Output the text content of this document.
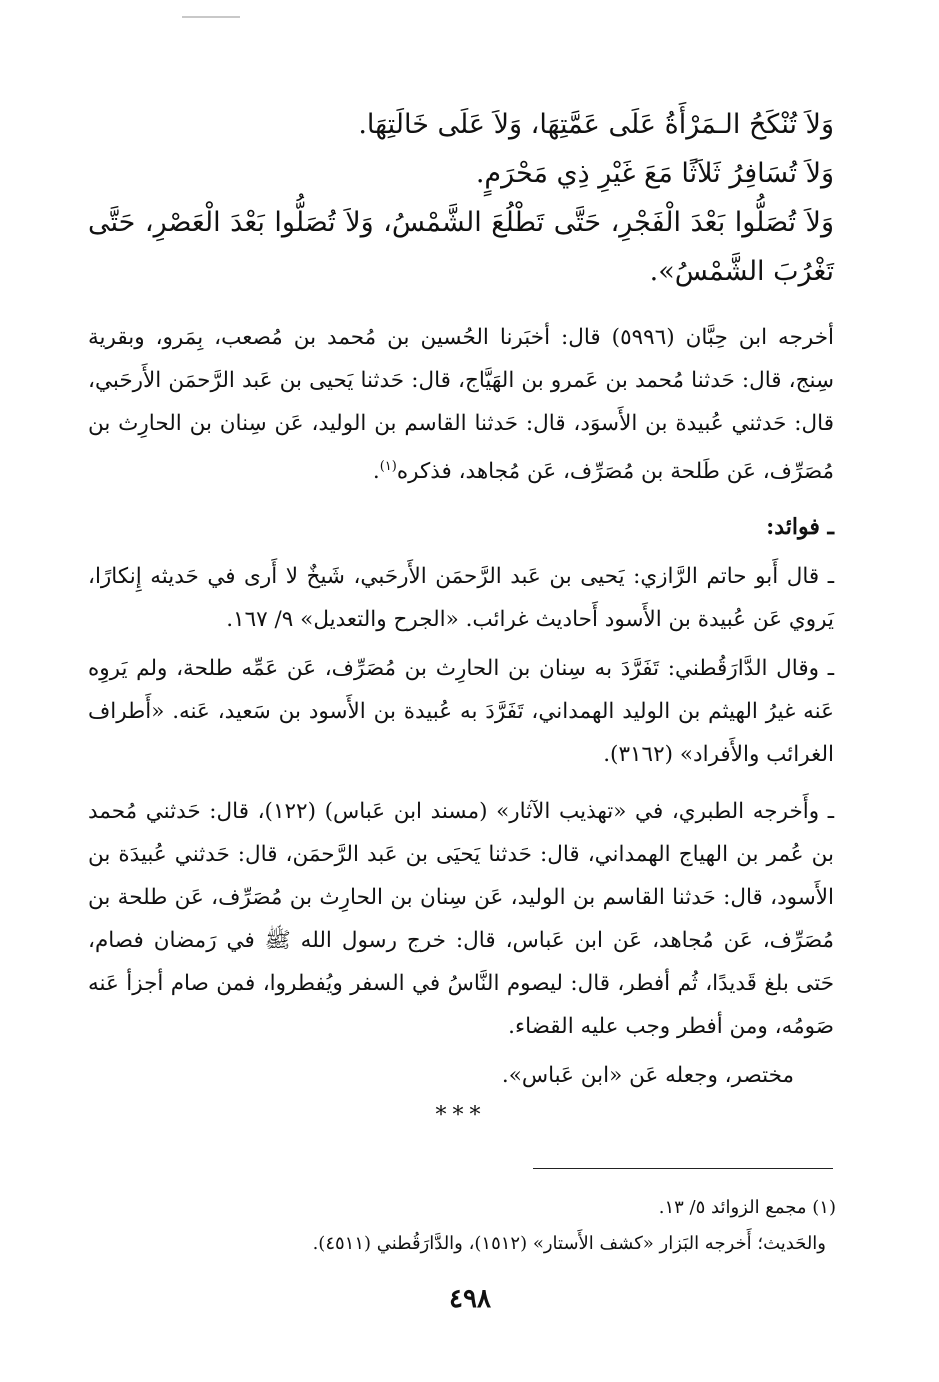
وَلاَ تُنْكَحُ الـمَرْأَةُ عَلَى عَمَّتِهَا، وَلاَ عَلَى خَالَتِهَا.

وَلاَ تُسَافِرُ ثَلاَثًا مَعَ غَيْرِ ذِي مَحْرَمٍ.

وَلاَ تُصَلُّوا بَعْدَ الْفَجْرِ، حَتَّى تَطْلُعَ الشَّمْسُ، وَلاَ تُصَلُّوا بَعْدَ الْعَصْرِ، حَتَّى تَغْرُبَ الشَّمْسُ».

أخرجه ابن حِبَّان (٥٩٩٦) قال: أخبَرنا الحُسين بن مُحمد بن مُصعب، بِمَرو، وبقرية سِنج، قال: حَدثنا مُحمد بن عَمرو بن الهَيَّاج، قال: حَدثنا يَحيى بن عَبد الرَّحمَن الأَرحَبي، قال: حَدثني عُبيدة بن الأَسوَد، قال: حَدثنا القاسم بن الوليد، عَن سِنان بن الحارِث بن مُصَرِّف، عَن طَلحة بن مُصَرِّف، عَن مُجاهد، فذكره$^{(١)}$.

ـ فوائد:

ـ قال أَبو حاتم الرَّازي: يَحيى بن عَبد الرَّحمَن الأَرحَبي، شَيخٌ لا أَرى في حَديثه إِنكارًا، يَروي عَن عُبيدة بن الأَسود أَحاديث غرائب. «الجرح والتعديل» ٩/ ١٦٧.

ـ وقال الدَّارَقُطني: تَفَرَّدَ به سِنان بن الحارِث بن مُصَرِّف، عَن عَمِّه طلحة، ولم يَروِه عَنه غيرُ الهيثم بن الوليد الهمداني، تَفَرَّدَ به عُبيدة بن الأَسود بن سَعيد، عَنه. «أَطراف الغرائب والأَفراد» (٣١٦٢).

ـ وأَخرجه الطبري، في «تهذيب الآثار» (مسند ابن عَباس) (١٢٢)، قال: حَدثني مُحمد بن عُمر بن الهياج الهمداني، قال: حَدثنا يَحيَى بن عَبد الرَّحمَن، قال: حَدثني عُبيدَة بن الأَسود، قال: حَدثنا القاسم بن الوليد، عَن سِنان بن الحارِث بن مُصَرِّف، عَن طلحة بن مُصَرِّف، عَن مُجاهد، عَن ابن عَباس، قال: خرج رسول الله ﷺ في رَمضان فصام، حَتى بلغ قَديدًا، ثُم أفطر، قال: ليصوم النَّاسُ في السفر ويُفطروا، فمن صام أجزأ عَنه صَومُه، ومن أفطر وجب عليه القضاء.

مختصر، وجعله عَن «ابن عَباس».

***

(١) مجمع الزوائد ٥/ ١٣.

والحَديث؛ أَخرجه البَزار «كشف الأَستار» (١٥١٢)، والدَّارَقُطني (٤٥١١).

٤٩٨
